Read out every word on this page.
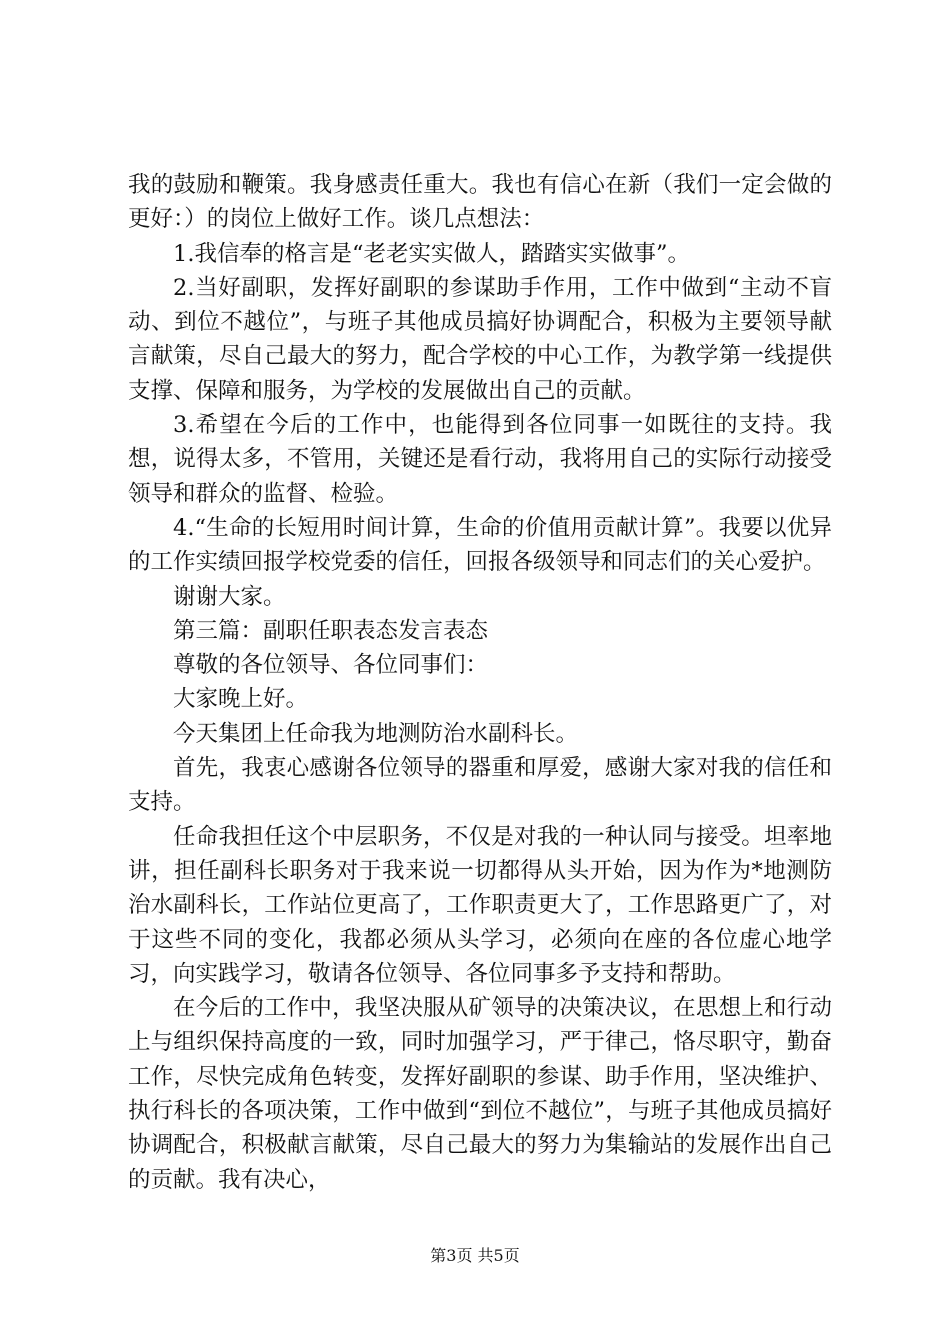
我的鼓励和鞭策。我身感责任重大。我也有信心在新（我们一定会做的更好：）的岗位上做好工作。谈几点想法：

1.我信奉的格言是“老老实实做人，踏踏实实做事”。

2.当好副职，发挥好副职的参谋助手作用，工作中做到“主动不盲动、到位不越位”，与班子其他成员搞好协调配合，积极为主要领导献言献策，尽自己最大的努力，配合学校的中心工作，为教学第一线提供支撑、保障和服务，为学校的发展做出自己的贡献。

3.希望在今后的工作中，也能得到各位同事一如既往的支持。我想，说得太多，不管用，关键还是看行动，我将用自己的实际行动接受领导和群众的监督、检验。

4.“生命的长短用时间计算，生命的价值用贡献计算”。我要以优异的工作实绩回报学校党委的信任，回报各级领导和同志们的关心爱护。

谢谢大家。

第三篇：副职任职表态发言表态

尊敬的各位领导、各位同事们：

大家晚上好。

今天集团上任命我为地测防治水副科长。

首先，我衷心感谢各位领导的器重和厚爱，感谢大家对我的信任和支持。

任命我担任这个中层职务，不仅是对我的一种认同与接受。坦率地讲，担任副科长职务对于我来说一切都得从头开始，因为作为*地测防治水副科长，工作站位更高了，工作职责更大了，工作思路更广了，对于这些不同的变化，我都必须从头学习，必须向在座的各位虚心地学习，向实践学习，敬请各位领导、各位同事多予支持和帮助。

在今后的工作中，我坚决服从矿领导的决策决议，在思想上和行动上与组织保持高度的一致，同时加强学习，严于律己，恪尽职守，勤奋工作，尽快完成角色转变，发挥好副职的参谋、助手作用，坚决维护、执行科长的各项决策，工作中做到“到位不越位”，与班子其他成员搞好协调配合，积极献言献策，尽自己最大的努力为集输站的发展作出自己的贡献。我有决心，

第3页 共5页
